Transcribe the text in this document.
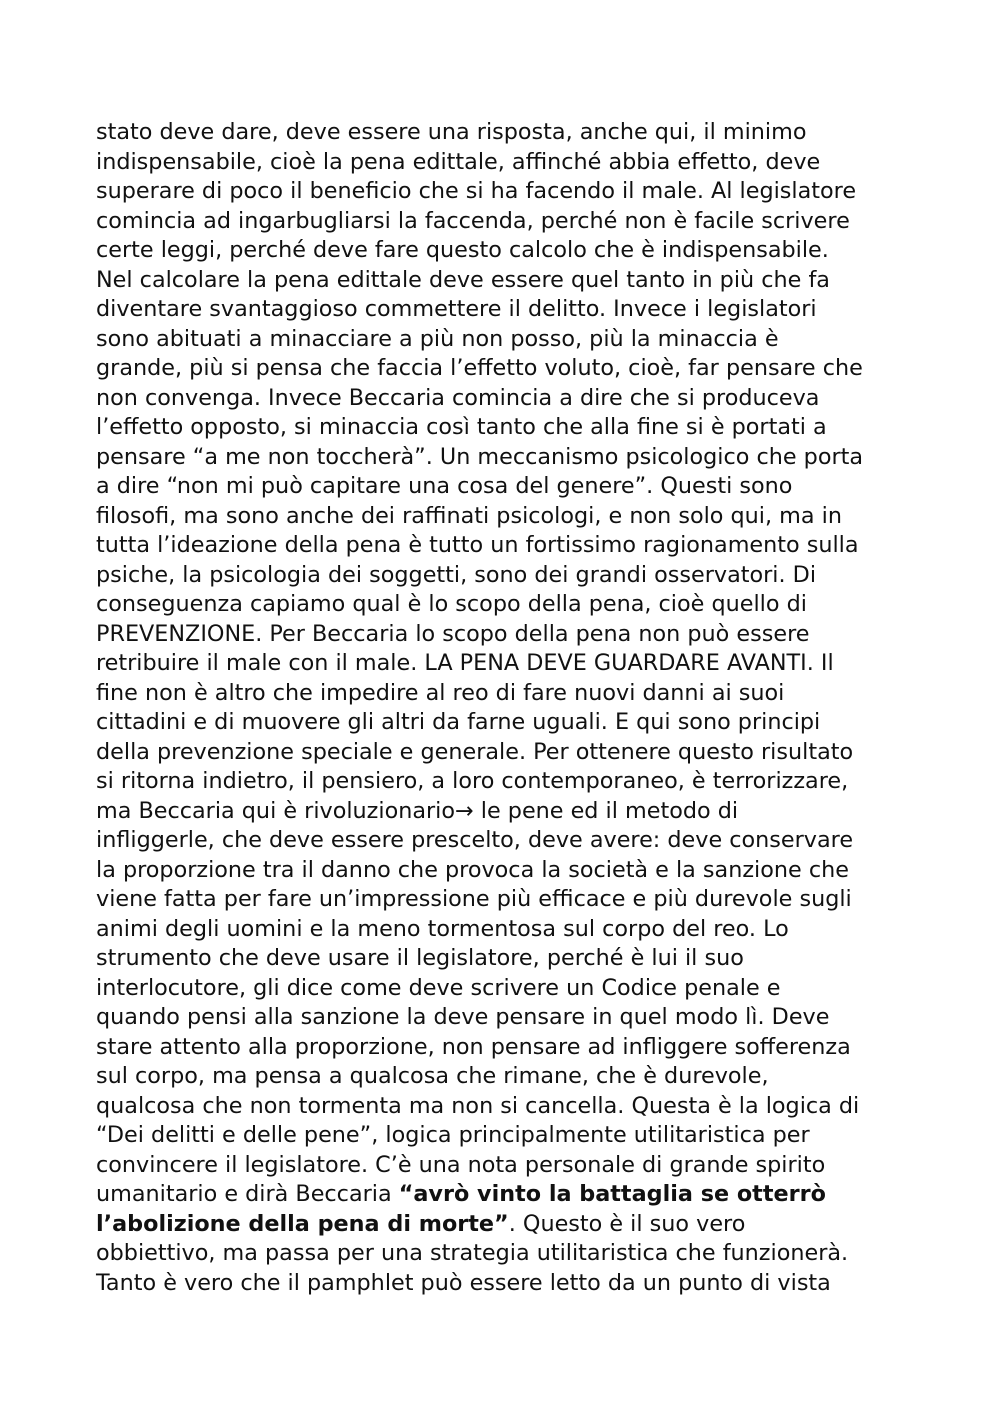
stato deve dare, deve essere una risposta, anche qui, il minimo
indispensabile, cioè la pena edittale, affinché abbia effetto, deve
superare di poco il beneficio che si ha facendo il male. Al legislatore
comincia ad ingarbugliarsi la faccenda, perché non è facile scrivere
certe leggi, perché deve fare questo calcolo che è indispensabile.
Nel calcolare la pena edittale deve essere quel tanto in più che fa
diventare svantaggioso commettere il delitto. Invece i legislatori
sono abituati a minacciare a più non posso, più la minaccia è
grande, più si pensa che faccia l’effetto voluto, cioè, far pensare che
non convenga. Invece Beccaria comincia a dire che si produceva
l’effetto opposto, si minaccia così tanto che alla fine si è portati a
pensare “a me non toccherà”. Un meccanismo psicologico che porta
a dire “non mi può capitare una cosa del genere”. Questi sono
filosofi, ma sono anche dei raffinati psicologi, e non solo qui, ma in
tutta l’ideazione della pena è tutto un fortissimo ragionamento sulla
psiche, la psicologia dei soggetti, sono dei grandi osservatori. Di
conseguenza capiamo qual è lo scopo della pena, cioè quello di
PREVENZIONE. Per Beccaria lo scopo della pena non può essere
retribuire il male con il male. LA PENA DEVE GUARDARE AVANTI. Il
fine non è altro che impedire al reo di fare nuovi danni ai suoi
cittadini e di muovere gli altri da farne uguali. E qui sono principi
della prevenzione speciale e generale. Per ottenere questo risultato
si ritorna indietro, il pensiero, a loro contemporaneo, è terrorizzare,
ma Beccaria qui è rivoluzionario→ le pene ed il metodo di
infliggerle, che deve essere prescelto, deve avere: deve conservare
la proporzione tra il danno che provoca la società e la sanzione che
viene fatta per fare un’impressione più efficace e più durevole sugli
animi degli uomini e la meno tormentosa sul corpo del reo. Lo
strumento che deve usare il legislatore, perché è lui il suo
interlocutore, gli dice come deve scrivere un Codice penale e
quando pensi alla sanzione la deve pensare in quel modo lì. Deve
stare attento alla proporzione, non pensare ad infliggere sofferenza
sul corpo, ma pensa a qualcosa che rimane, che è durevole,
qualcosa che non tormenta ma non si cancella. Questa è la logica di
“Dei delitti e delle pene”, logica principalmente utilitaristica per
convincere il legislatore. C’è una nota personale di grande spirito
umanitario e dirà Beccaria “avrò vinto la battaglia se otterrò
l’abolizione della pena di morte”. Questo è il suo vero
obbiettivo, ma passa per una strategia utilitaristica che funzionerà.
Tanto è vero che il pamphlet può essere letto da un punto di vista
